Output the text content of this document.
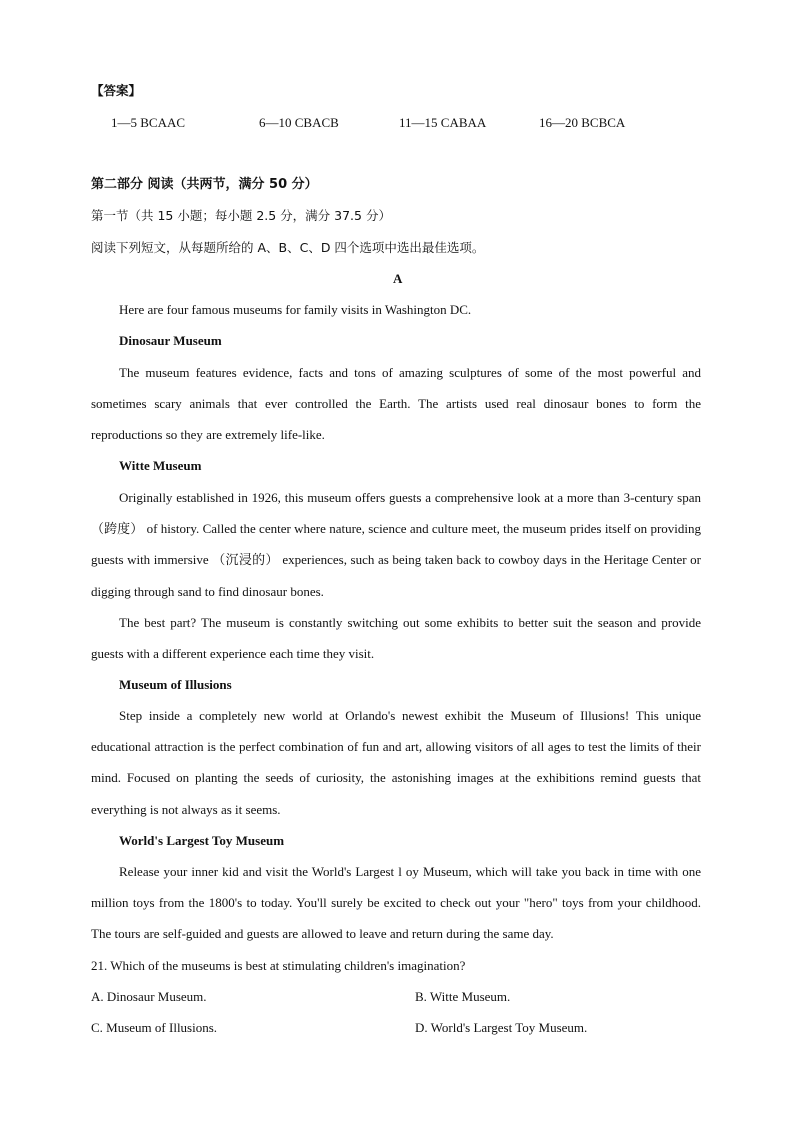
【答案】
1—5 BCAAC	6—10 CBACB	11—15 CABAA	16—20 BCBCA
第二部分 阅读（共两节，满分 50 分）
第一节（共 15 小题；每小题 2.5 分，满分 37.5 分）
阅读下列短文，从每题所给的 A、B、C、D 四个选项中选出最佳选项。
A
Here are four famous museums for family visits in Washington DC.
Dinosaur Museum
The museum features evidence, facts and tons of amazing sculptures of some of the most powerful and sometimes scary animals that ever controlled the Earth. The artists used real dinosaur bones to form the reproductions so they are extremely life-like.
Witte Museum
Originally established in 1926, this museum offers guests a comprehensive look at a more than 3-century span （跨度） of history. Called the center where nature, science and culture meet, the museum prides itself on providing guests with immersive （沉浸的） experiences, such as being taken back to cowboy days in the Heritage Center or digging through sand to find dinosaur bones.
The best part? The museum is constantly switching out some exhibits to better suit the season and provide guests with a different experience each time they visit.
Museum of Illusions
Step inside a completely new world at Orlando's newest exhibit the Museum of Illusions! This unique educational attraction is the perfect combination of fun and art, allowing visitors of all ages to test the limits of their mind. Focused on planting the seeds of curiosity, the astonishing images at the exhibitions remind guests that everything is not always as it seems.
World's Largest Toy Museum
Release your inner kid and visit the World's Largest l oy Museum, which will take you back in time with one million toys from the 1800's to today. You'll surely be excited to check out your "hero" toys from your childhood. The tours are self-guided and guests are allowed to leave and return during the same day.
21. Which of the museums is best at stimulating children's imagination?
A. Dinosaur Museum.	B. Witte Museum.
C. Museum of Illusions.	D. World's Largest Toy Museum.
